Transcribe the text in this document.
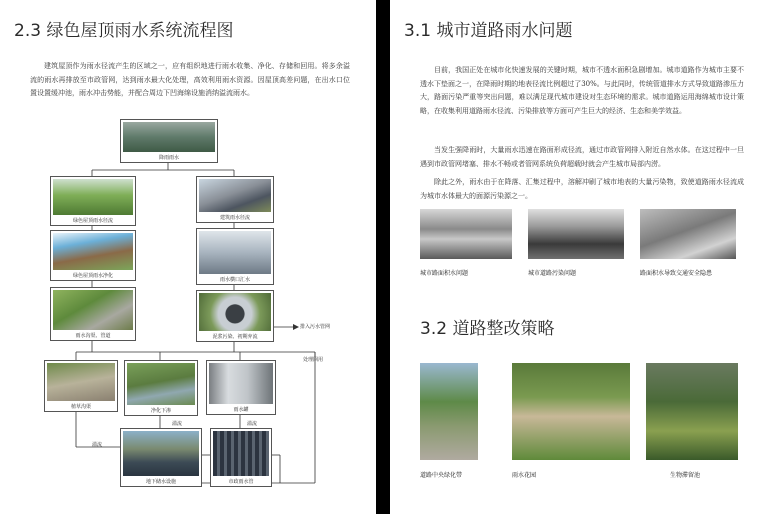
2.3 绿色屋顶雨水系统流程图
建筑屋顶作为雨水径流产生的区域之一，应有组织地进行雨水收集、净化、存储和回用。将多余溢流的雨水再排放至市政管网，达到雨水最大化处理，高效利用雨水资源。因屋顶高差问题，在出水口位置设置缓冲池，雨水冲击势能，并配合周边下凹海绵设施消纳溢流雨水。
降雨雨水
绿色屋顶雨水径流	建筑雨水径流
绿色屋顶雨水净化
雨水横口汇水
雨水沟渠、管道	泥浆污染、初期弃流
排入污水管网
处理回用
植草沟渠
净化下渗	雨水罐
溢流
溢流	溢流
地下储水设施	市政雨水管
3.1 城市道路雨水问题
目前，我国正处在城市化快速发展的关键时期，城市不透水面积急剧增加。城市道路作为城市主要不透水下垫面之一，在降雨时期的地表径流比例超过了30%。与此同时，传统管道排水方式导致道路渗压力大，路面污染严重等突出问题，难以满足现代城市建设对生态环境的需求。城市道路运用海绵城市设计策略，在收集利用道路雨水径流、污染排放等方面可产生巨大的经济、生态和美学效益。
当发生强降雨时，大量雨水迅速在路面形成径流，通过市政管网排入附近自然水体。在这过程中一旦遇到市政管网堵塞、排水不畅或者管网系统负荷超载时就会产生城市局部内涝。
除此之外，雨水由于在降落、汇集过程中，溶解冲刷了城市地表的大量污染物，致使道路雨水径流成为城市水体最大的面源污染源之一。
城市路面积水问题	城市道路污染问题	路面积水导致交通安全隐患
3.2 道路整改策略
道路中央绿化带	雨水花园	生物滞留池
